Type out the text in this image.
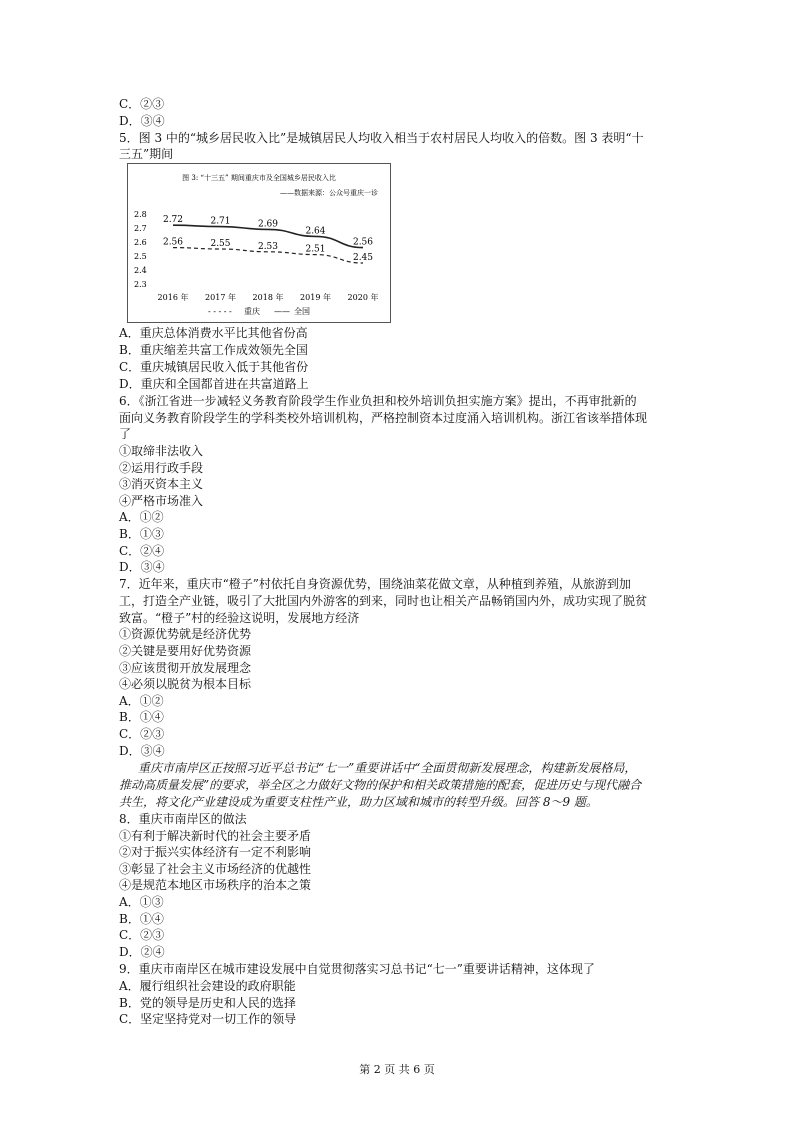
C．②③
D．③④
5．图 3 中的“城乡居民收入比”是城镇居民人均收入相当于农村居民人均收入的倍数。图 3 表明“十
三五”期间
图 3: “十三五” 期间重庆市及全国城乡居民收入比
——数据来源：公众号重庆一诊
2.8
2.7
2.6
2.5
2.4
2.3
2016 年 2017 年 2018 年 2019 年 2020 年
2.56	2.55	2.53	2.51
2.45
2.72	2.71	2.69
2.64
2.56
- - - - - 重庆 —— 全国
A．重庆总体消费水平比其他省份高
B．重庆缩差共富工作成效领先全国
C．重庆城镇居民收入低于其他省份
D．重庆和全国都首进在共富道路上
6．《浙江省进一步减轻义务教育阶段学生作业负担和校外培训负担实施方案》提出，不再审批新的
面向义务教育阶段学生的学科类校外培训机构，严格控制资本过度涌入培训机构。浙江省该举措体现
了
①取缔非法收入
②运用行政手段
③消灭资本主义
④严格市场准入
A．①②
B．①③
C．②④
D．③④
7．近年来，重庆市“橙子”村依托自身资源优势，围绕油菜花做文章，从种植到养殖，从旅游到加
工，打造全产业链，吸引了大批国内外游客的到来，同时也让相关产品畅销国内外，成功实现了脱贫
致富。“橙子”村的经验这说明，发展地方经济
①资源优势就是经济优势
②关键是要用好优势资源
③应该贯彻开放发展理念
④必须以脱贫为根本目标
A．①②
B．①④
C．②③
D．③④
重庆市南岸区正按照习近平总书记“七一”重要讲话中“全面贯彻新发展理念，构建新发展格局，
推动高质量发展”的要求，举全区之力做好文物的保护和相关政策措施的配套，促进历史与现代融合
共生，将文化产业建设成为重要支柱性产业，助力区域和城市的转型升级。回答 8～9 题。
8．重庆市南岸区的做法
①有利于解决新时代的社会主要矛盾
②对于振兴实体经济有一定不利影响
③彰显了社会主义市场经济的优越性
④是规范本地区市场秩序的治本之策
A．①③
B．①④
C．②③
D．②④
9．重庆市南岸区在城市建设发展中自觉贯彻落实习总书记“七一”重要讲话精神，这体现了
A．履行组织社会建设的政府职能
B．党的领导是历史和人民的选择
C．坚定坚持党对一切工作的领导
第 2 页 共 6 页
